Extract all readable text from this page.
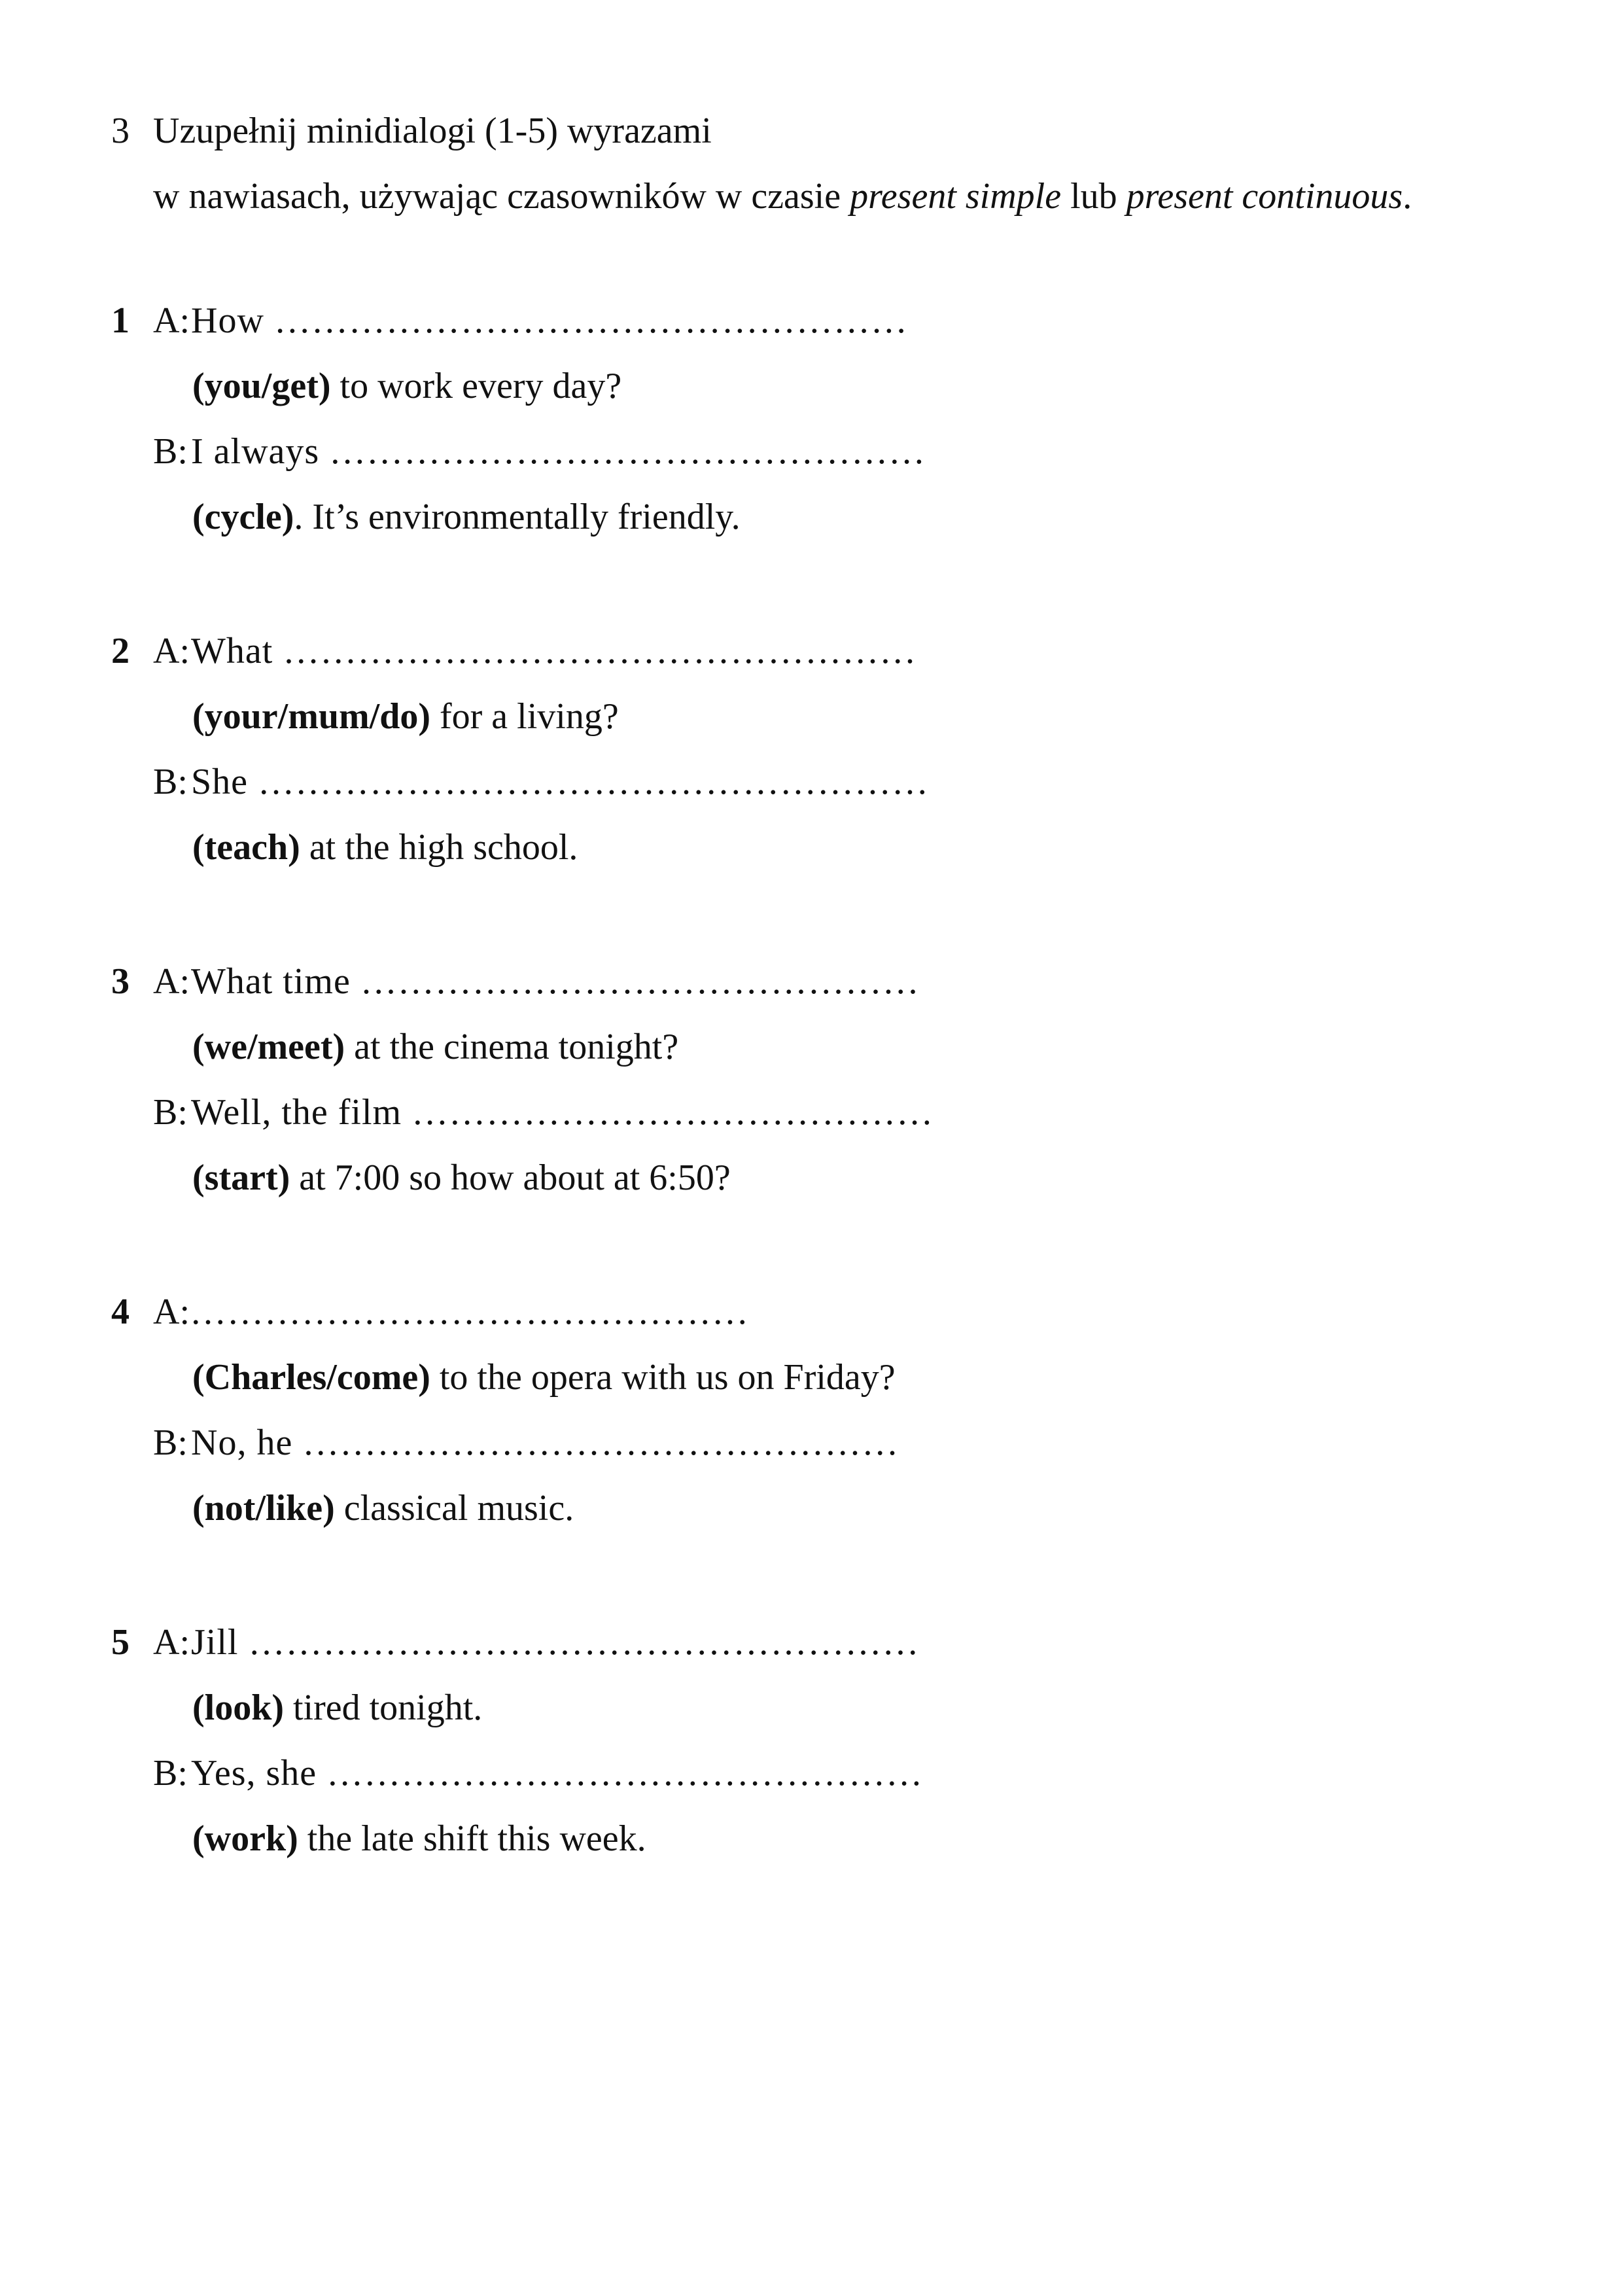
3 Uzupełnij minidialogi (1-5) wyrazami
w nawiasach, używając czasowników w czasie present simple lub present continuous.
1 A:How ……………………………………………
(you/get) to work every day?
B:I always …………………………………………
(cycle). It’s environmentally friendly.
2 A:What ……………………………………………
(your/mum/do) for a living?
B:She ………………………………………………
(teach) at the high school.
3 A:What time ………………………………………
(we/meet) at the cinema tonight?
B:Well, the film ……………………………………
(start) at 7:00 so how about at 6:50?
4 A:………………………………………
(Charles/come) to the opera with us on Friday?
B:No, he …………………………………………
(not/like) classical music.
5 A:Jill ………………………………………………
(look) tired tonight.
B:Yes, she …………………………………………
(work) the late shift this week.
